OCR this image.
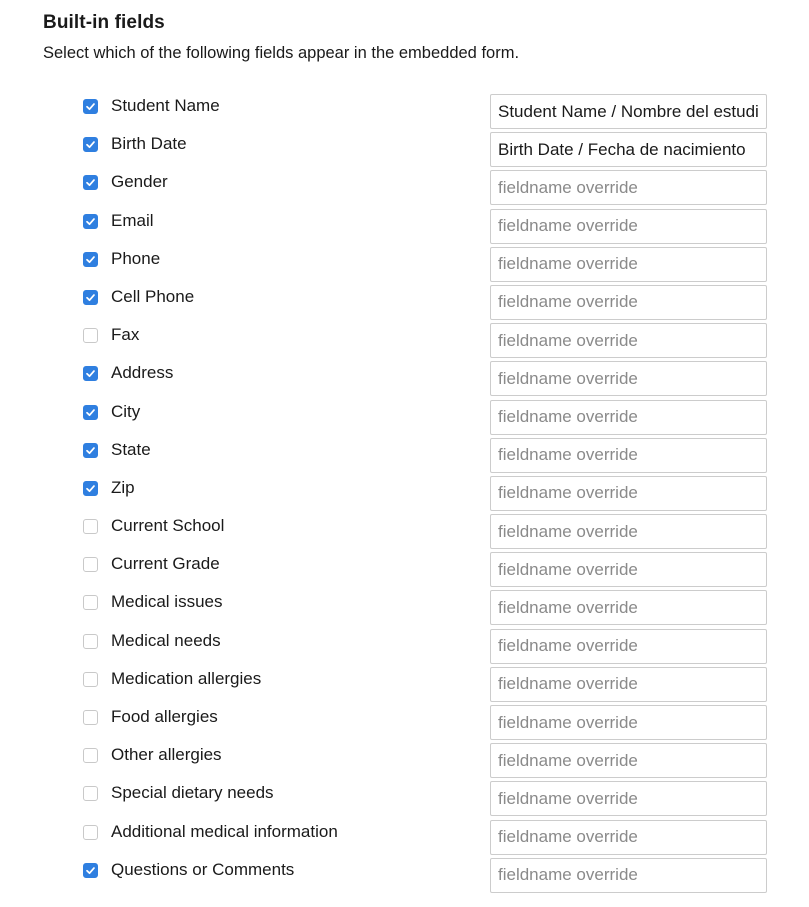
Built-in fields

Select which of the following fields appear in the embedded form.

Student Name
Student Name / Nombre del estudiante
Birth Date
Birth Date / Fecha de nacimiento
Gender
fieldname override
Email
fieldname override
Phone
fieldname override
Cell Phone
fieldname override
Fax
fieldname override
Address
fieldname override
City
fieldname override
State
fieldname override
Zip
fieldname override
Current School
fieldname override
Current Grade
fieldname override
Medical issues
fieldname override
Medical needs
fieldname override
Medication allergies
fieldname override
Food allergies
fieldname override
Other allergies
fieldname override
Special dietary needs
fieldname override
Additional medical information
fieldname override
Questions or Comments
fieldname override
